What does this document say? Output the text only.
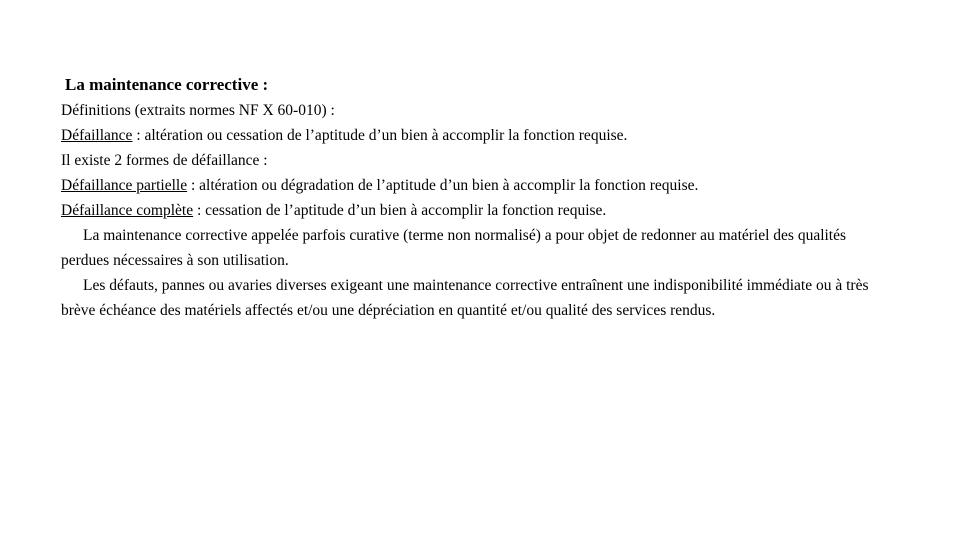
La maintenance corrective :
Définitions (extraits normes NF X 60-010) :
Défaillance : altération ou cessation de l’aptitude d’un bien à accomplir la fonction requise.
Il existe 2 formes de défaillance :
Défaillance partielle : altération ou dégradation de l’aptitude d’un bien à accomplir la fonction requise.
Défaillance complète : cessation de l’aptitude d’un bien à accomplir la fonction requise.

La maintenance corrective appelée parfois curative (terme non normalisé) a pour objet de redonner au matériel des qualités perdues nécessaires à son utilisation.

Les défauts, pannes ou avaries diverses exigeant une maintenance corrective entraînent une indisponibilité immédiate ou à très brève échéance des matériels affectés et/ou une dépréciation en quantité et/ou qualité des services rendus.
